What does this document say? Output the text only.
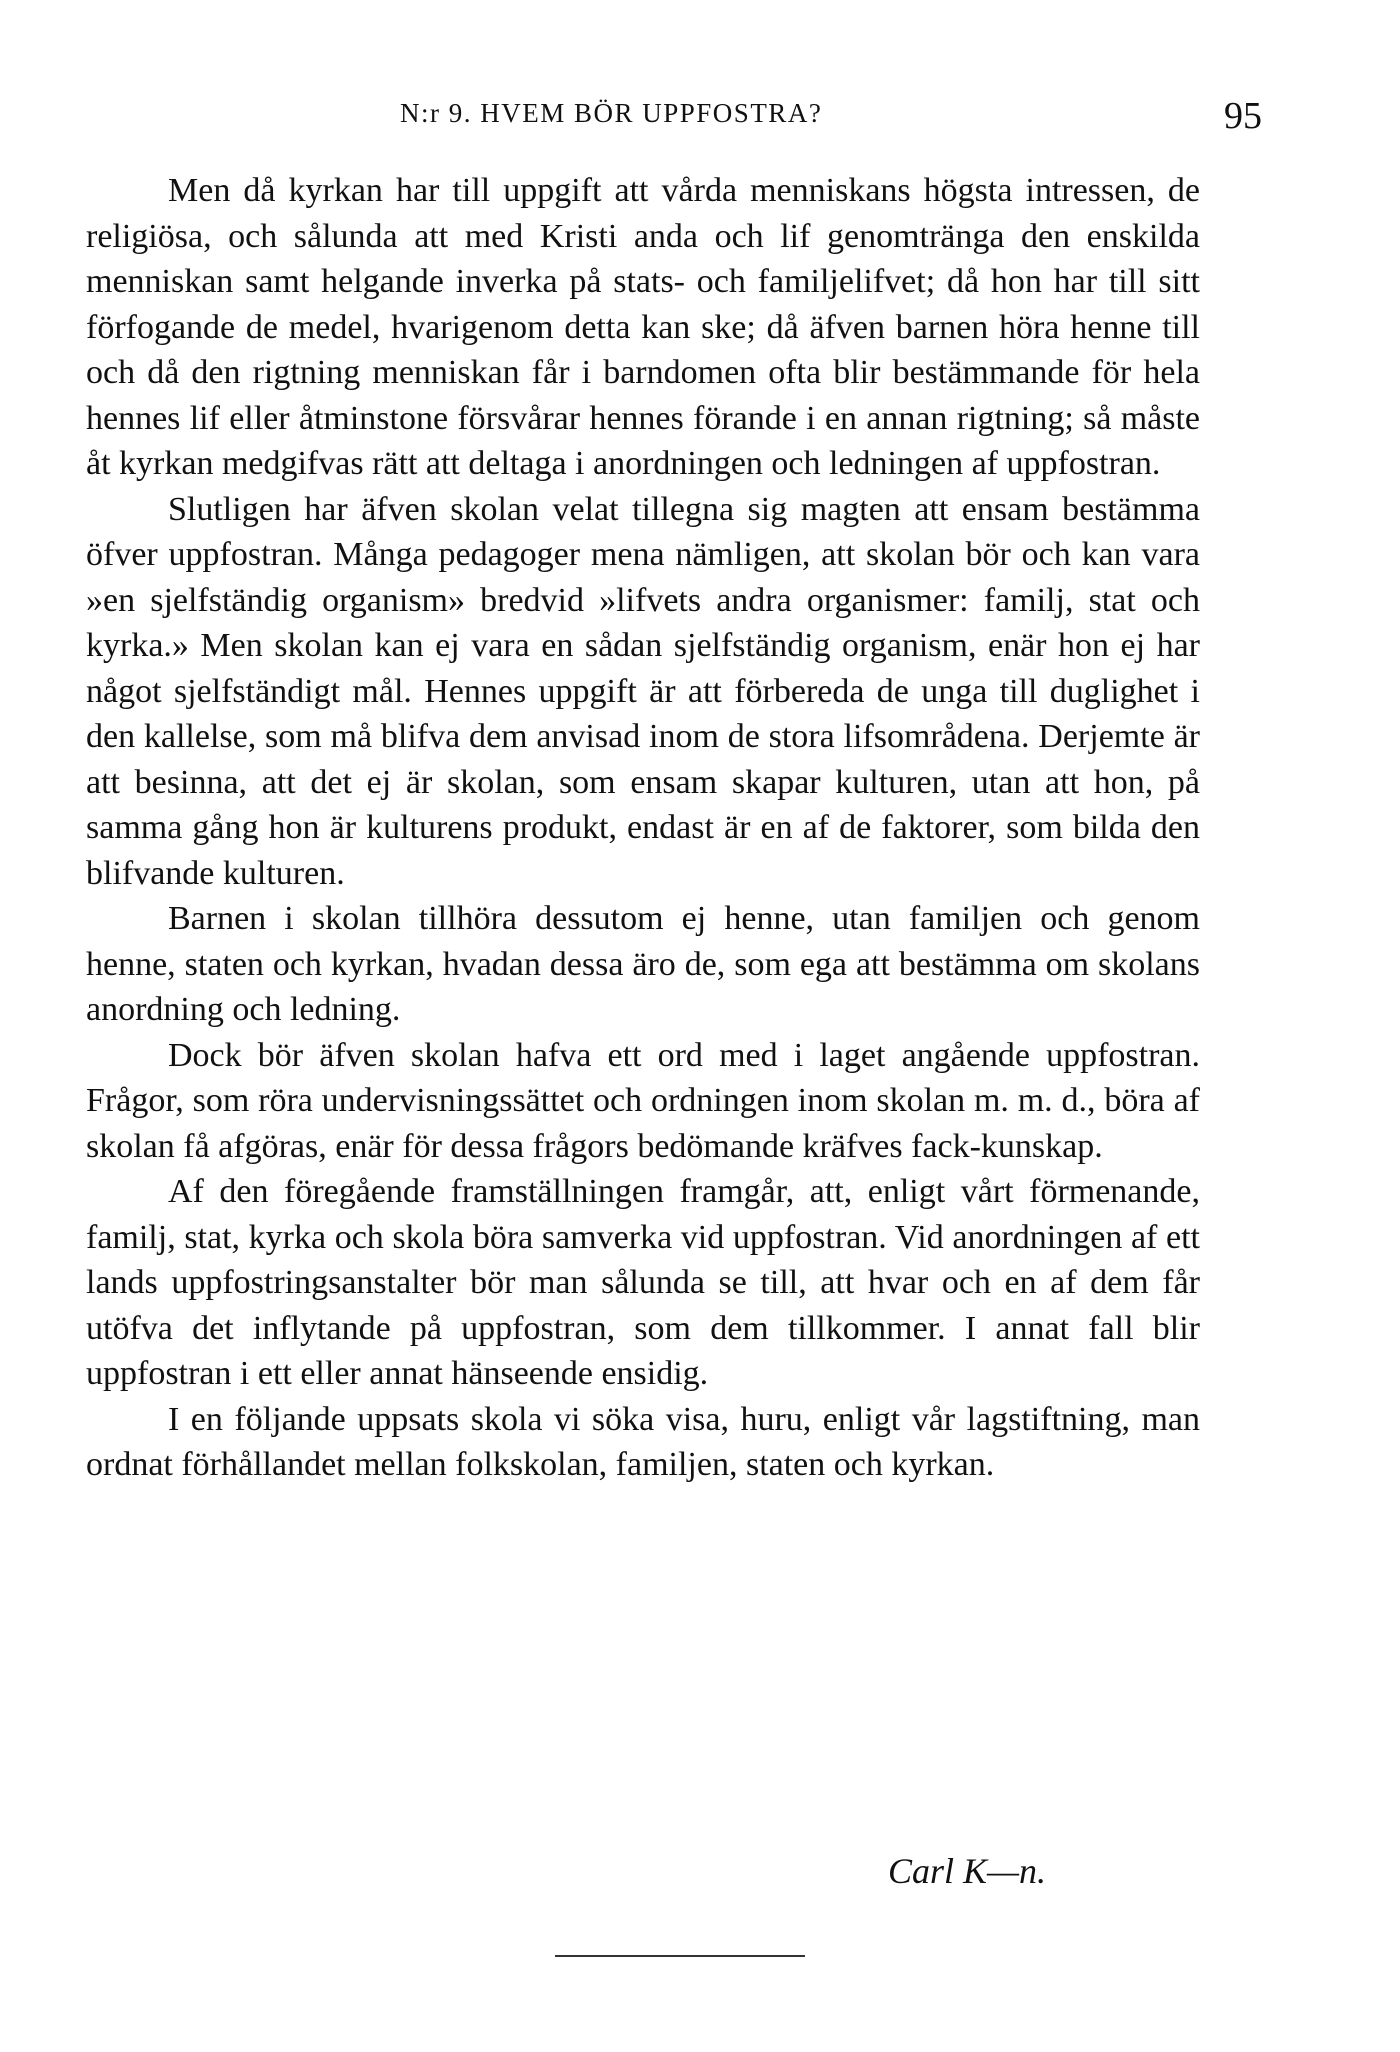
N:r 9. HVEM BÖR UPPFOSTRA?	95

Men då kyrkan har till uppgift att vårda menniskans högsta intressen, de religiösa, och sålunda att med Kristi anda och lif genomtränga den enskilda menniskan samt helgande inverka på stats- och familjelifvet; då hon har till sitt förfogande de medel, hvarigenom detta kan ske; då äfven barnen höra henne till och då den rigtning menniskan får i barndomen ofta blir bestämmande för hela hennes lif eller åtminstone försvårar hennes förande i en annan rigtning; så måste åt kyrkan medgifvas rätt att deltaga i anordningen och ledningen af uppfostran.

Slutligen har äfven skolan velat tillegna sig magten att ensam bestämma öfver uppfostran. Många pedagoger mena nämligen, att skolan bör och kan vara »en sjelfständig organism» bredvid »lifvets andra organismer: familj, stat och kyrka.» Men skolan kan ej vara en sådan sjelfständig organism, enär hon ej har något sjelfständigt mål. Hennes uppgift är att förbereda de unga till duglighet i den kallelse, som må blifva dem anvisad inom de stora lifsområdena. Derjemte är att besinna, att det ej är skolan, som ensam skapar kulturen, utan att hon, på samma gång hon är kulturens produkt, endast är en af de faktorer, som bilda den blifvande kulturen.

Barnen i skolan tillhöra dessutom ej henne, utan familjen och genom henne, staten och kyrkan, hvadan dessa äro de, som ega att bestämma om skolans anordning och ledning.

Dock bör äfven skolan hafva ett ord med i laget angående uppfostran. Frågor, som röra undervisningssättet och ordningen inom skolan m. m. d., böra af skolan få afgöras, enär för dessa frågors bedömande kräfves fack-kunskap.

Af den föregående framställningen framgår, att, enligt vårt förmenande, familj, stat, kyrka och skola böra samverka vid uppfostran. Vid anordningen af ett lands uppfostringsanstalter bör man sålunda se till, att hvar och en af dem får utöfva det inflytande på uppfostran, som dem tillkommer. I annat fall blir uppfostran i ett eller annat hänseende ensidig.

I en följande uppsats skola vi söka visa, huru, enligt vår lagstiftning, man ordnat förhållandet mellan folkskolan, familjen, staten och kyrkan.

Carl K—n.
